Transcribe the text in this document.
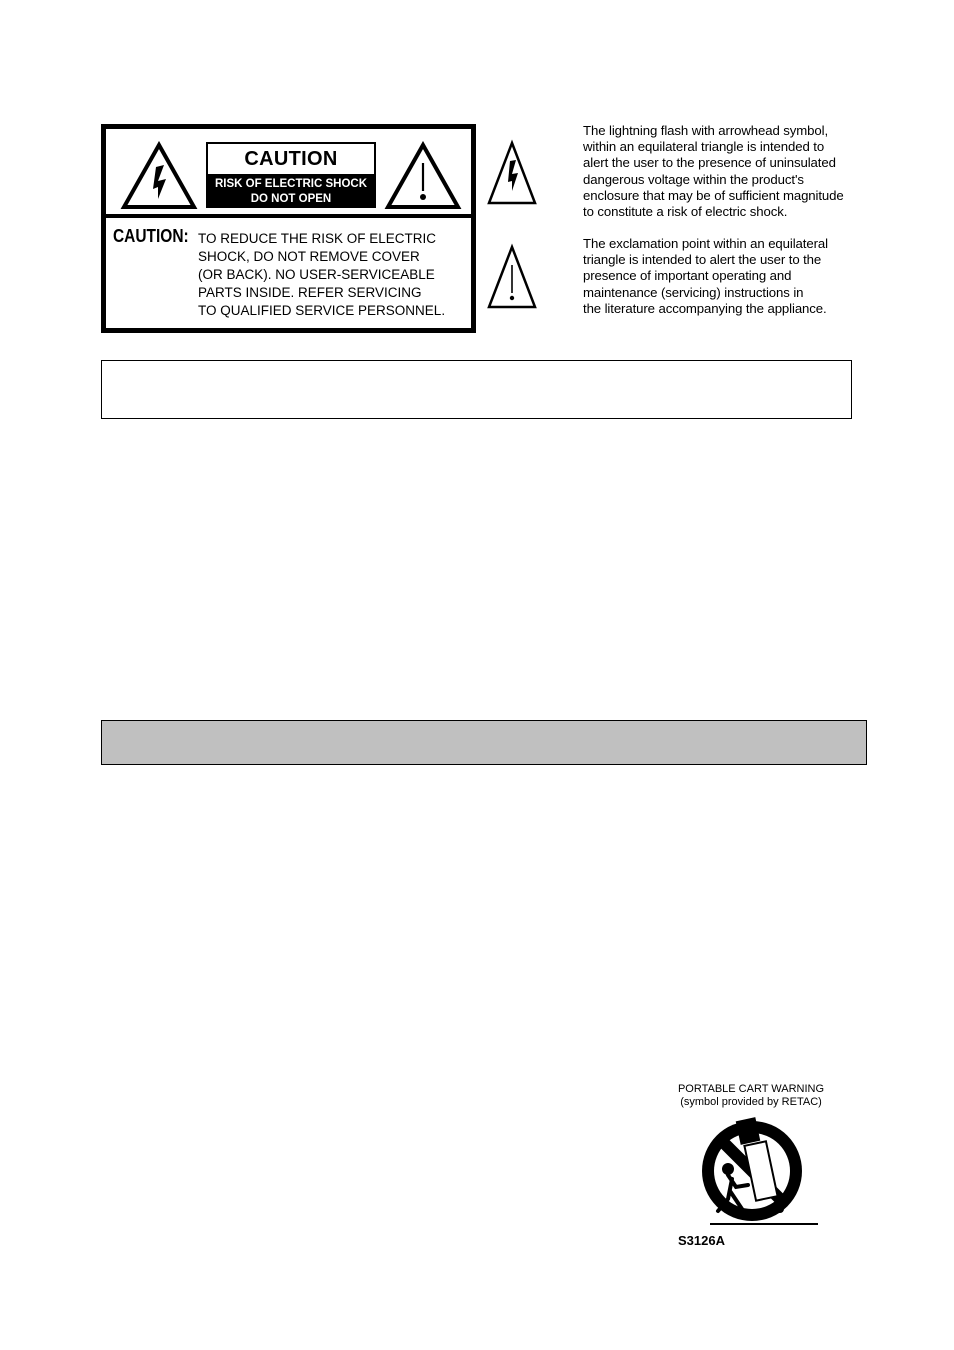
CAUTION
RISK OF ELECTRIC SHOCK
DO NOT OPEN
CAUTION: TO REDUCE THE RISK OF ELECTRIC
SHOCK, DO NOT REMOVE COVER
(OR BACK). NO USER-SERVICEABLE
PARTS INSIDE. REFER SERVICING
TO QUALIFIED SERVICE PERSONNEL.
The lightning flash with arrowhead symbol,
within an equilateral triangle is intended to
alert the user to the presence of uninsulated
dangerous voltage within the product's
enclosure that may be of sufficient magnitude
to constitute a risk of electric shock.
The exclamation point within an equilateral
triangle is intended to alert the user to the
presence of important operating and
maintenance (servicing) instructions in
the literature accompanying the appliance.
PORTABLE CART WARNING
(symbol provided by RETAC)
S3126A
